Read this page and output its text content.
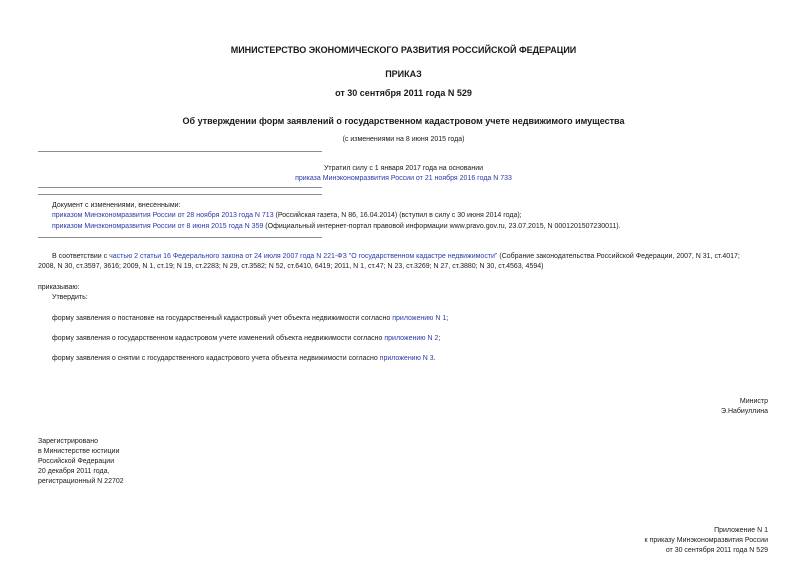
МИНИСТЕРСТВО ЭКОНОМИЧЕСКОГО РАЗВИТИЯ РОССИЙСКОЙ ФЕДЕРАЦИИ
ПРИКАЗ
от 30 сентября 2011 года N 529
Об утверждении форм заявлений о государственном кадастровом учете недвижимого имущества
(с изменениями на 8 июня 2015 года)
Утратил силу с 1 января 2017 года на основании
приказа Минэкономразвития России от 21 ноября 2016 года N 733
Документ с изменениями, внесенными:
приказом Минэкономразвития России от 28 ноября 2013 года N 713 (Российская газета, N 86, 16.04.2014) (вступил в силу с 30 июня 2014 года);
приказом Минэкономразвития России от 8 июня 2015 года N 359 (Официальный интернет-портал правовой информации www.pravo.gov.ru, 23.07.2015, N 0001201507230011).
В соответствии с частью 2 статьи 16 Федерального закона от 24 июля 2007 года N 221-ФЗ "О государственном кадастре недвижимости" (Собрание законодательства Российской Федерации, 2007, N 31, ст.4017;
2008, N 30, ст.3597, 3616; 2009, N 1, ст.19; N 19, ст.2283; N 29, ст.3582; N 52, ст.6410, 6419; 2011, N 1, ст.47; N 23, ст.3269; N 27, ст.3880; N 30, ст.4563, 4594)
приказываю:
Утвердить:
форму заявления о постановке на государственный кадастровый учет объекта недвижимости согласно приложению N 1;
форму заявления о государственном кадастровом учете изменений объекта недвижимости согласно приложению N 2;
форму заявления о снятии с государственного кадастрового учета объекта недвижимости согласно приложению N 3.
Министр
Э.Набиуллина
Зарегистрировано
в Министерстве юстиции
Российской Федерации
20 декабря 2011 года,
регистрационный N 22702
Приложение N 1
к приказу Минэкономразвития России
от 30 сентября 2011 года N 529
